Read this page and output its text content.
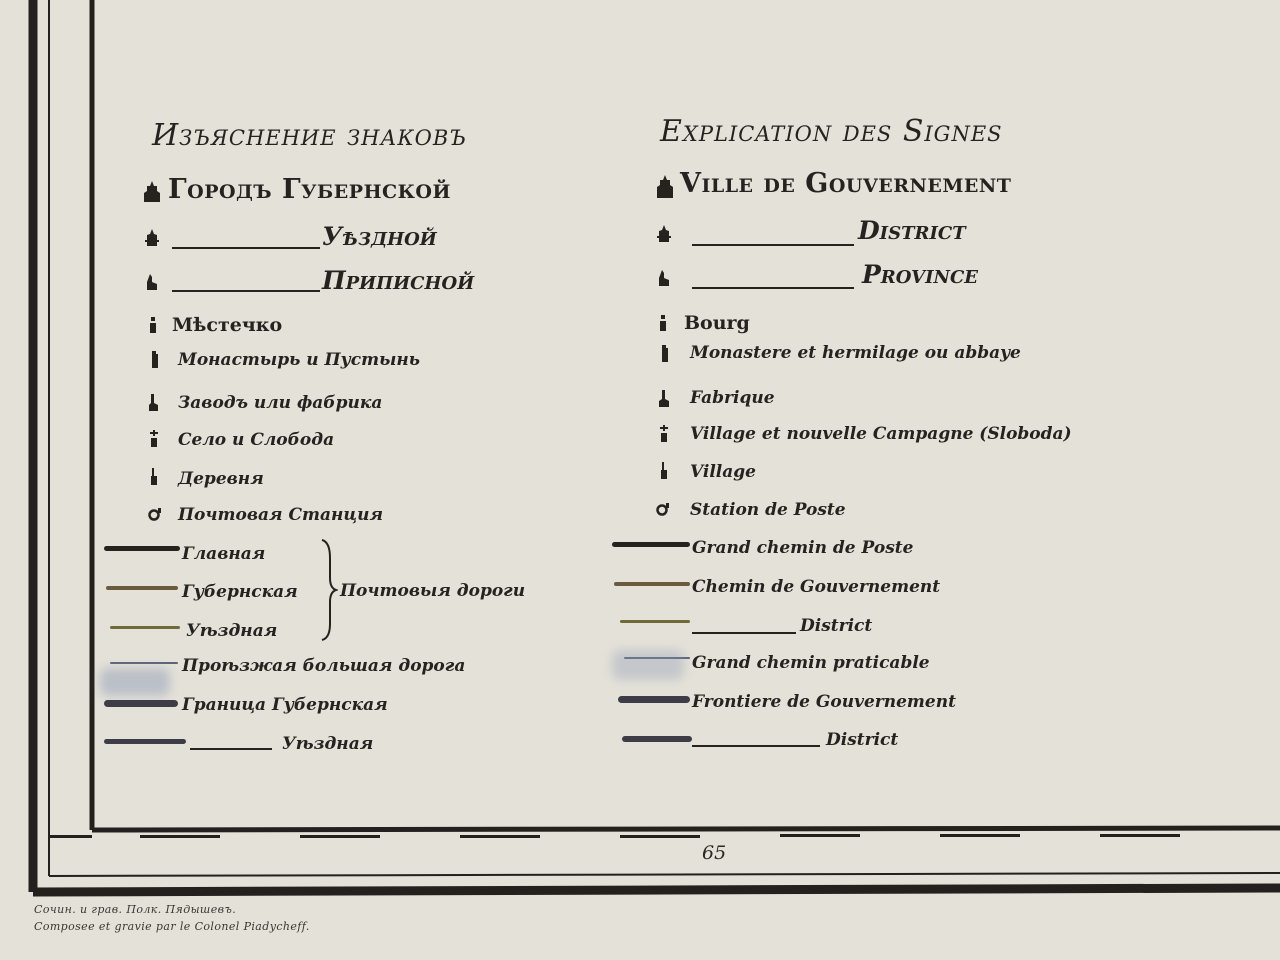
Изъяснение знаковъ
Городъ Губернской
Уѣздной
Приписной
Мѣстечко
Монастырь и Пустынь
Заводъ или фабрика
Село и Слобода
Деревня
Почтовая Станция
Главная
Губернская
Уѣздная
Почтовыя дороги
Проѣзжая большая дорога
Граница Губернская
Уѣздная
Explication des Signes
Ville de Gouvernement
District
Province
Bourg
Monastere et hermilage ou abbaye
Fabrique
Village et nouvelle Campagne (Sloboda)
Village
Station de Poste
Grand chemin de Poste
Chemin de Gouvernement
District
Grand chemin praticable
Frontiere de Gouvernement
District
65
Сочин. и грав. Полк. Пядышевъ.
Composee et gravie par le Colonel Piadycheff.
